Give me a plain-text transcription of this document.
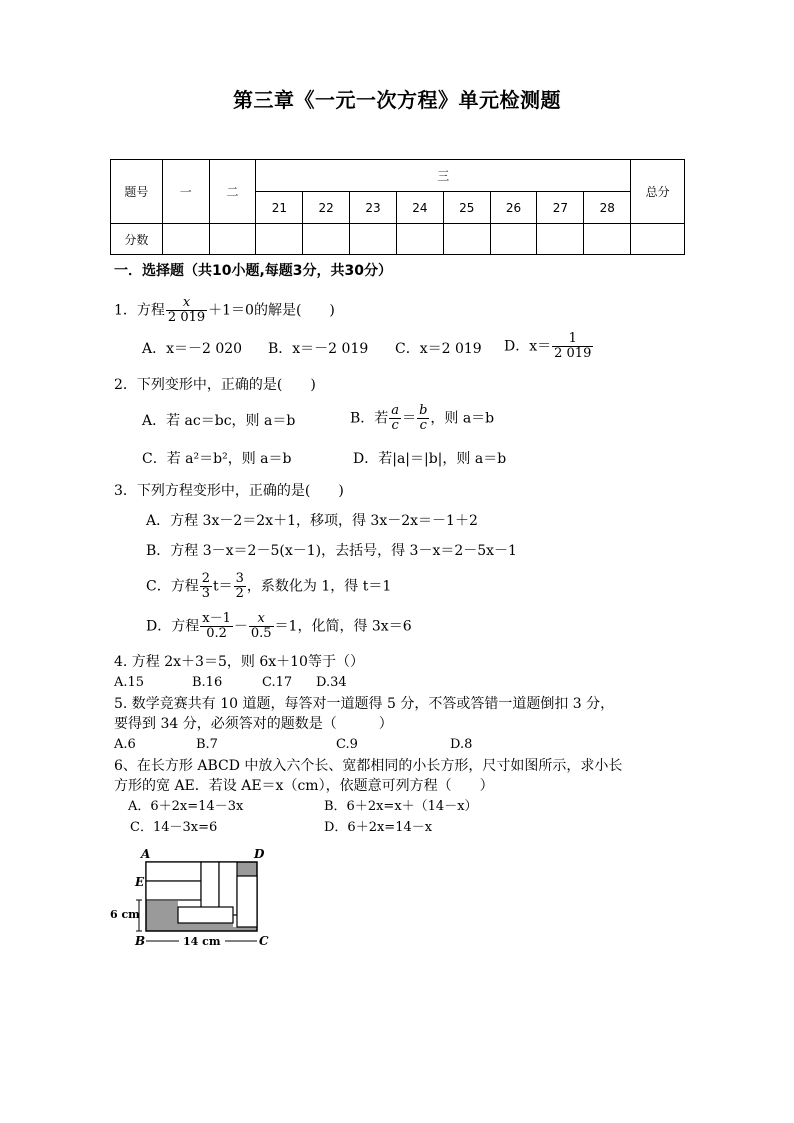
第三章《一元一次方程》单元检测题
题号	一	二	三								总分
			21	22	23	24	25	26	27	28	
分数											
一．选择题（共10小题,每题3分，共30分）
1．方程 $\frac{x}{2 019} +1=0$的解是(　　)
A．x＝－2 020 B．x＝－2 019 C．x＝2 019 D．$x= \frac{1}{2 019}$
2．下列变形中，正确的是(　　)
A．若 ac＝bc，则 a＝b	B．若 $\frac{a}{c} = \frac{b}{c}$ ，则 a＝b
C．若 a²＝b²，则 a＝b	D．若|a|＝|b|，则 a＝b
3．下列方程变形中，正确的是(　　)
A．方程 3x－2＝2x＋1，移项，得 3x－2x＝－1＋2
B．方程 3－x＝2－5(x－1)，去括号，得 3－x＝2－5x－1
C．方程 $\frac{2}{3} t= \frac{3}{2}$ ，系数化为 1，得 t＝1
D．方程 $\frac{x-1}{0.2} - \frac{x}{0.5} =1$，化简，得 3x＝6
4. 方程 2x＋3＝5，则 6x＋10等于（）
A.15	B.16	C.17 D.34
5. 数学竞赛共有 10 道题，每答对一道题得 5 分，不答或答错一道题倒扣 3 分，
要得到 34 分，必须答对的题数是（　　　）
A.6	B.7	C.9	D.8
6、在长方形 ABCD 中放入六个长、宽都相同的小长方形，尺寸如图所示，求小长
方形的宽 AE．若设 AE＝x（cm），依题意可列方程（　　）
A．6＋2x=14－3x	B．6＋2x=x＋（14－x）
C．14－3x=6	D．6＋2x=14－x
A	D
E
B	C
6 cm
14 cm
